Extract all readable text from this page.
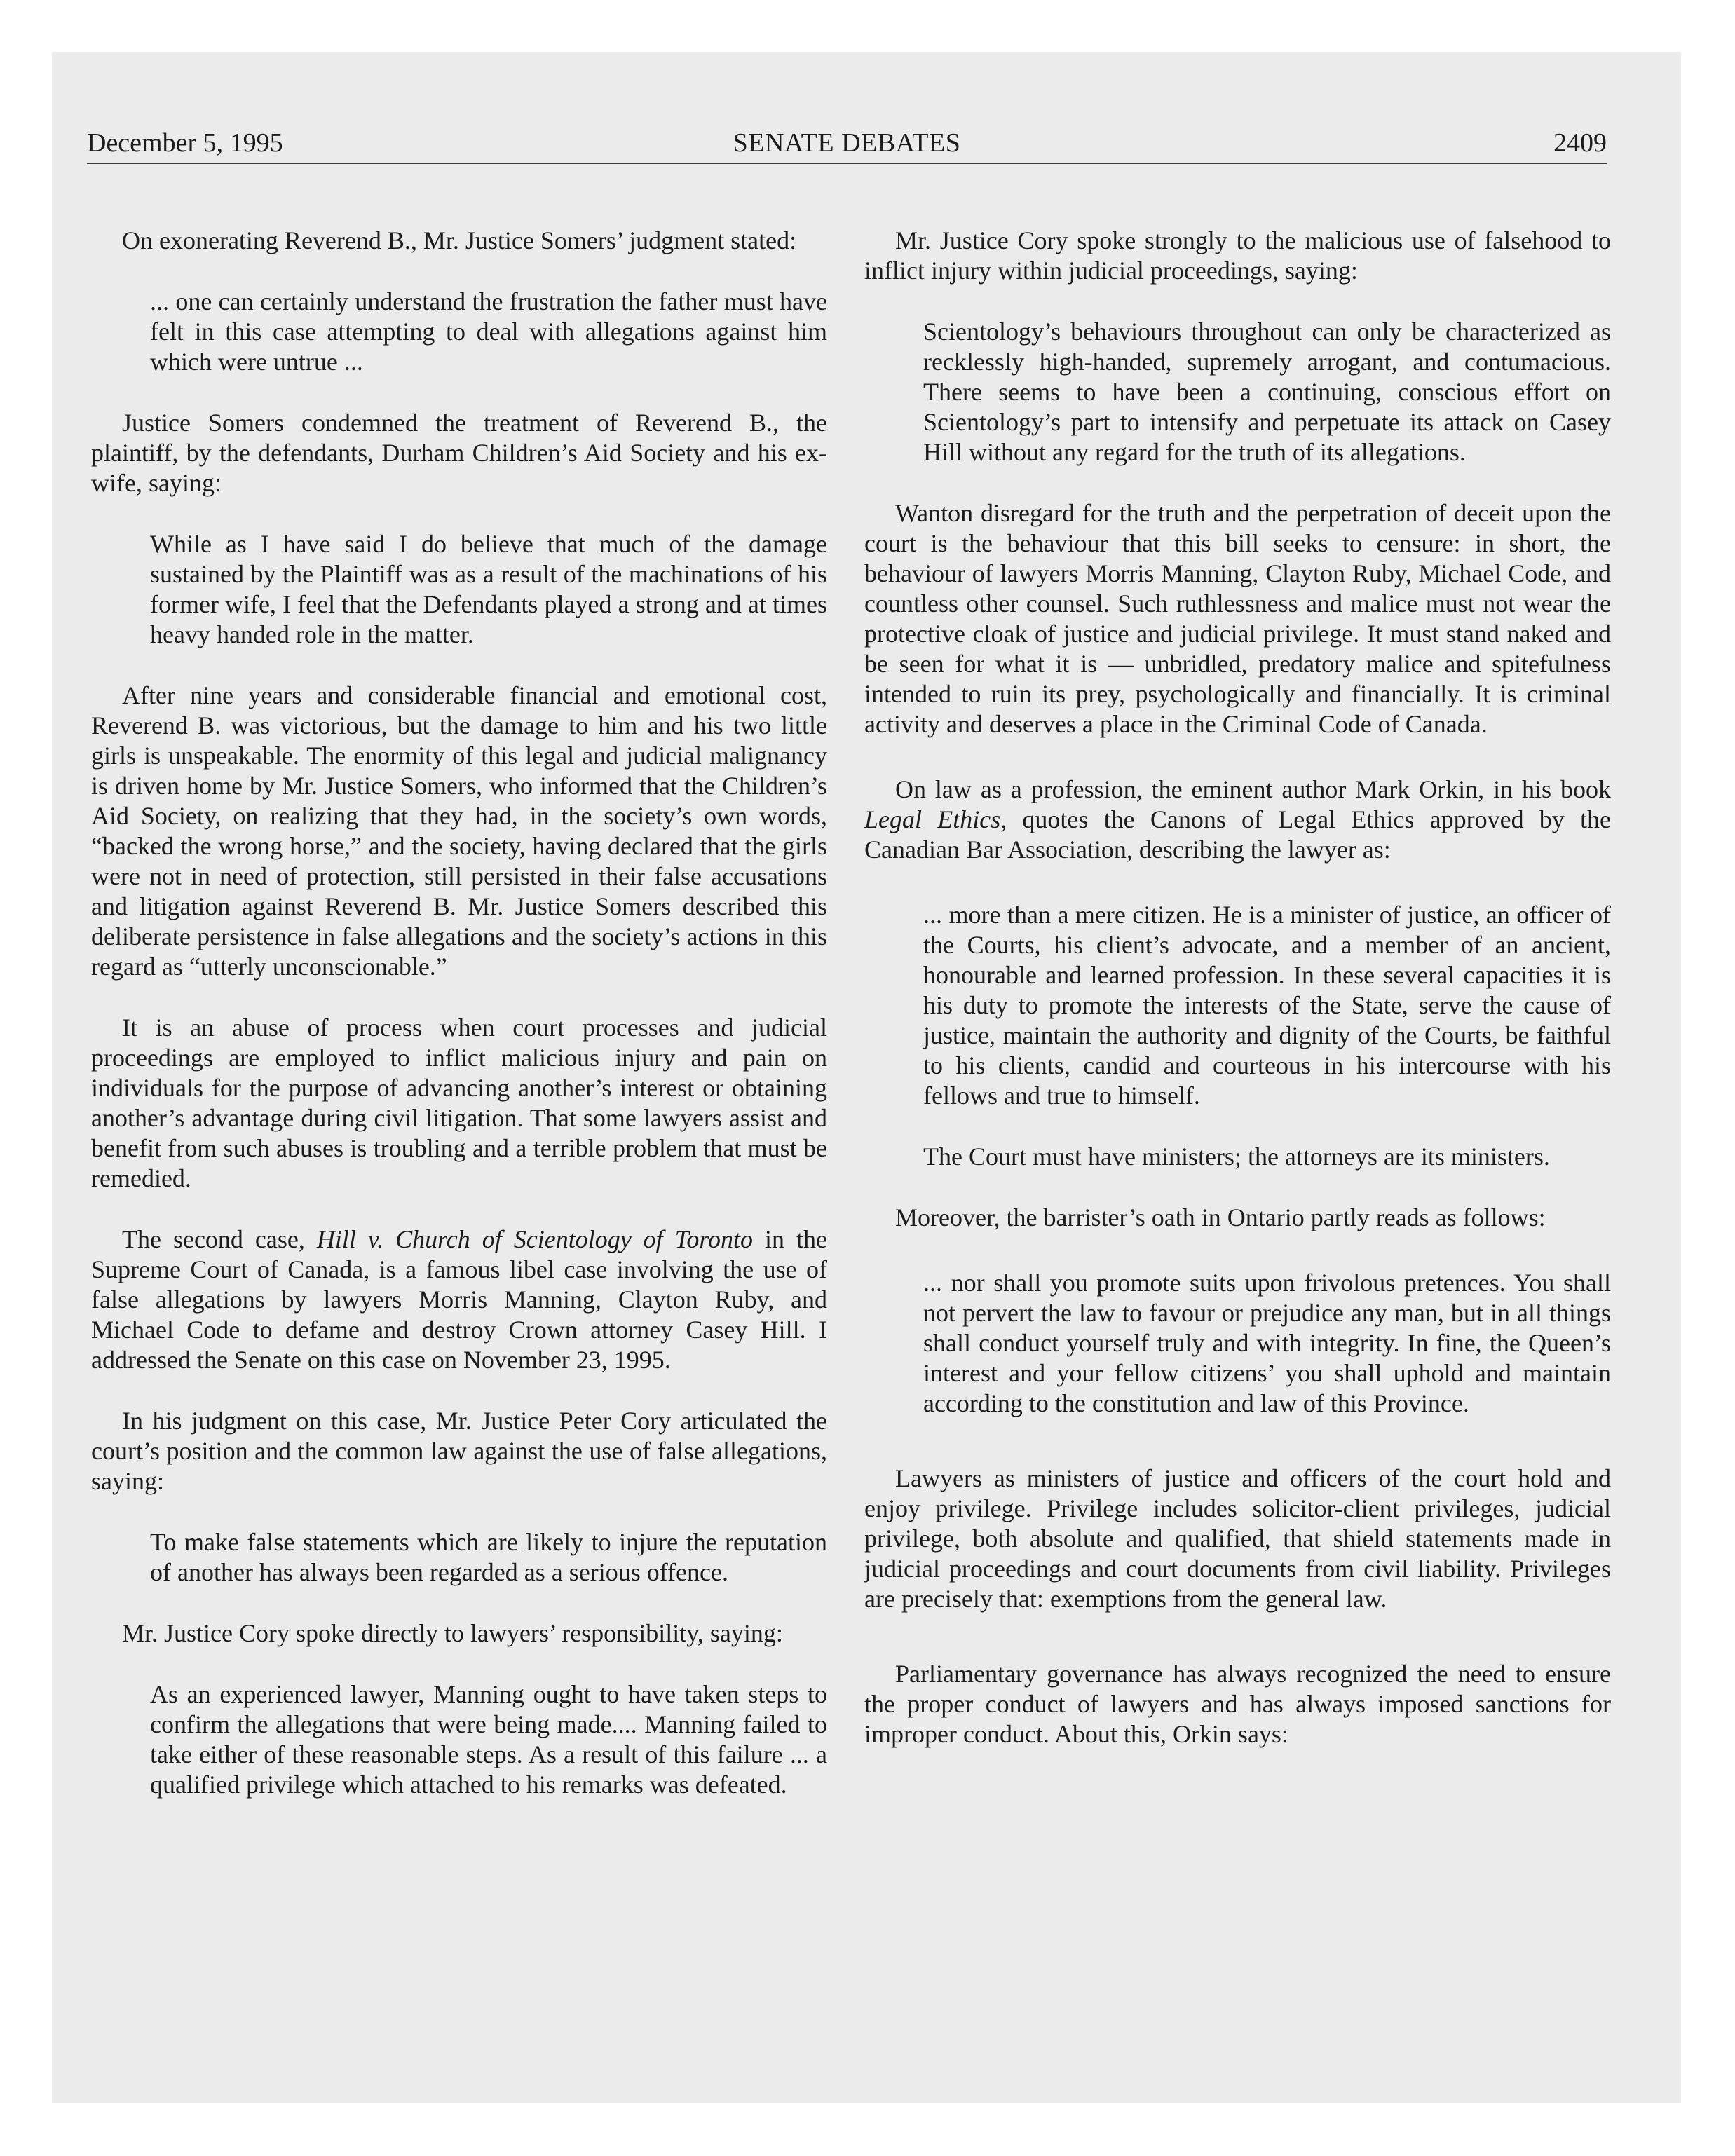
December 5, 1995	SENATE DEBATES	2409

On exonerating Reverend B., Mr. Justice Somers’ judgment stated:

... one can certainly understand the frustration the father must have felt in this case attempting to deal with allegations against him which were untrue ...

Justice Somers condemned the treatment of Reverend B., the plaintiff, by the defendants, Durham Children’s Aid Society and his ex-wife, saying:

While as I have said I do believe that much of the damage sustained by the Plaintiff was as a result of the machinations of his former wife, I feel that the Defendants played a strong and at times heavy handed role in the matter.

After nine years and considerable financial and emotional cost, Reverend B. was victorious, but the damage to him and his two little girls is unspeakable. The enormity of this legal and judicial malignancy is driven home by Mr. Justice Somers, who informed that the Children’s Aid Society, on realizing that they had, in the society’s own words, “backed the wrong horse,” and the society, having declared that the girls were not in need of protection, still persisted in their false accusations and litigation against Reverend B. Mr. Justice Somers described this deliberate persistence in false allegations and the society’s actions in this regard as “utterly unconscionable.”

It is an abuse of process when court processes and judicial proceedings are employed to inflict malicious injury and pain on individuals for the purpose of advancing another’s interest or obtaining another’s advantage during civil litigation. That some lawyers assist and benefit from such abuses is troubling and a terrible problem that must be remedied.

The second case, Hill v. Church of Scientology of Toronto in the Supreme Court of Canada, is a famous libel case involving the use of false allegations by lawyers Morris Manning, Clayton Ruby, and Michael Code to defame and destroy Crown attorney Casey Hill. I addressed the Senate on this case on November 23, 1995.

In his judgment on this case, Mr. Justice Peter Cory articulated the court’s position and the common law against the use of false allegations, saying:

To make false statements which are likely to injure the reputation of another has always been regarded as a serious offence.

Mr. Justice Cory spoke directly to lawyers’ responsibility, saying:

As an experienced lawyer, Manning ought to have taken steps to confirm the allegations that were being made.... Manning failed to take either of these reasonable steps. As a result of this failure ... a qualified privilege which attached to his remarks was defeated.

Mr. Justice Cory spoke strongly to the malicious use of falsehood to inflict injury within judicial proceedings, saying:

Scientology’s behaviours throughout can only be characterized as recklessly high-handed, supremely arrogant, and contumacious. There seems to have been a continuing, conscious effort on Scientology’s part to intensify and perpetuate its attack on Casey Hill without any regard for the truth of its allegations.

Wanton disregard for the truth and the perpetration of deceit upon the court is the behaviour that this bill seeks to censure: in short, the behaviour of lawyers Morris Manning, Clayton Ruby, Michael Code, and countless other counsel. Such ruthlessness and malice must not wear the protective cloak of justice and judicial privilege. It must stand naked and be seen for what it is — unbridled, predatory malice and spitefulness intended to ruin its prey, psychologically and financially. It is criminal activity and deserves a place in the Criminal Code of Canada.

On law as a profession, the eminent author Mark Orkin, in his book Legal Ethics, quotes the Canons of Legal Ethics approved by the Canadian Bar Association, describing the lawyer as:

... more than a mere citizen. He is a minister of justice, an officer of the Courts, his client’s advocate, and a member of an ancient, honourable and learned profession. In these several capacities it is his duty to promote the interests of the State, serve the cause of justice, maintain the authority and dignity of the Courts, be faithful to his clients, candid and courteous in his intercourse with his fellows and true to himself.

The Court must have ministers; the attorneys are its ministers.

Moreover, the barrister’s oath in Ontario partly reads as follows:

... nor shall you promote suits upon frivolous pretences. You shall not pervert the law to favour or prejudice any man, but in all things shall conduct yourself truly and with integrity. In fine, the Queen’s interest and your fellow citizens’ you shall uphold and maintain according to the constitution and law of this Province.

Lawyers as ministers of justice and officers of the court hold and enjoy privilege. Privilege includes solicitor-client privileges, judicial privilege, both absolute and qualified, that shield statements made in judicial proceedings and court documents from civil liability. Privileges are precisely that: exemptions from the general law.

Parliamentary governance has always recognized the need to ensure the proper conduct of lawyers and has always imposed sanctions for improper conduct. About this, Orkin says:
